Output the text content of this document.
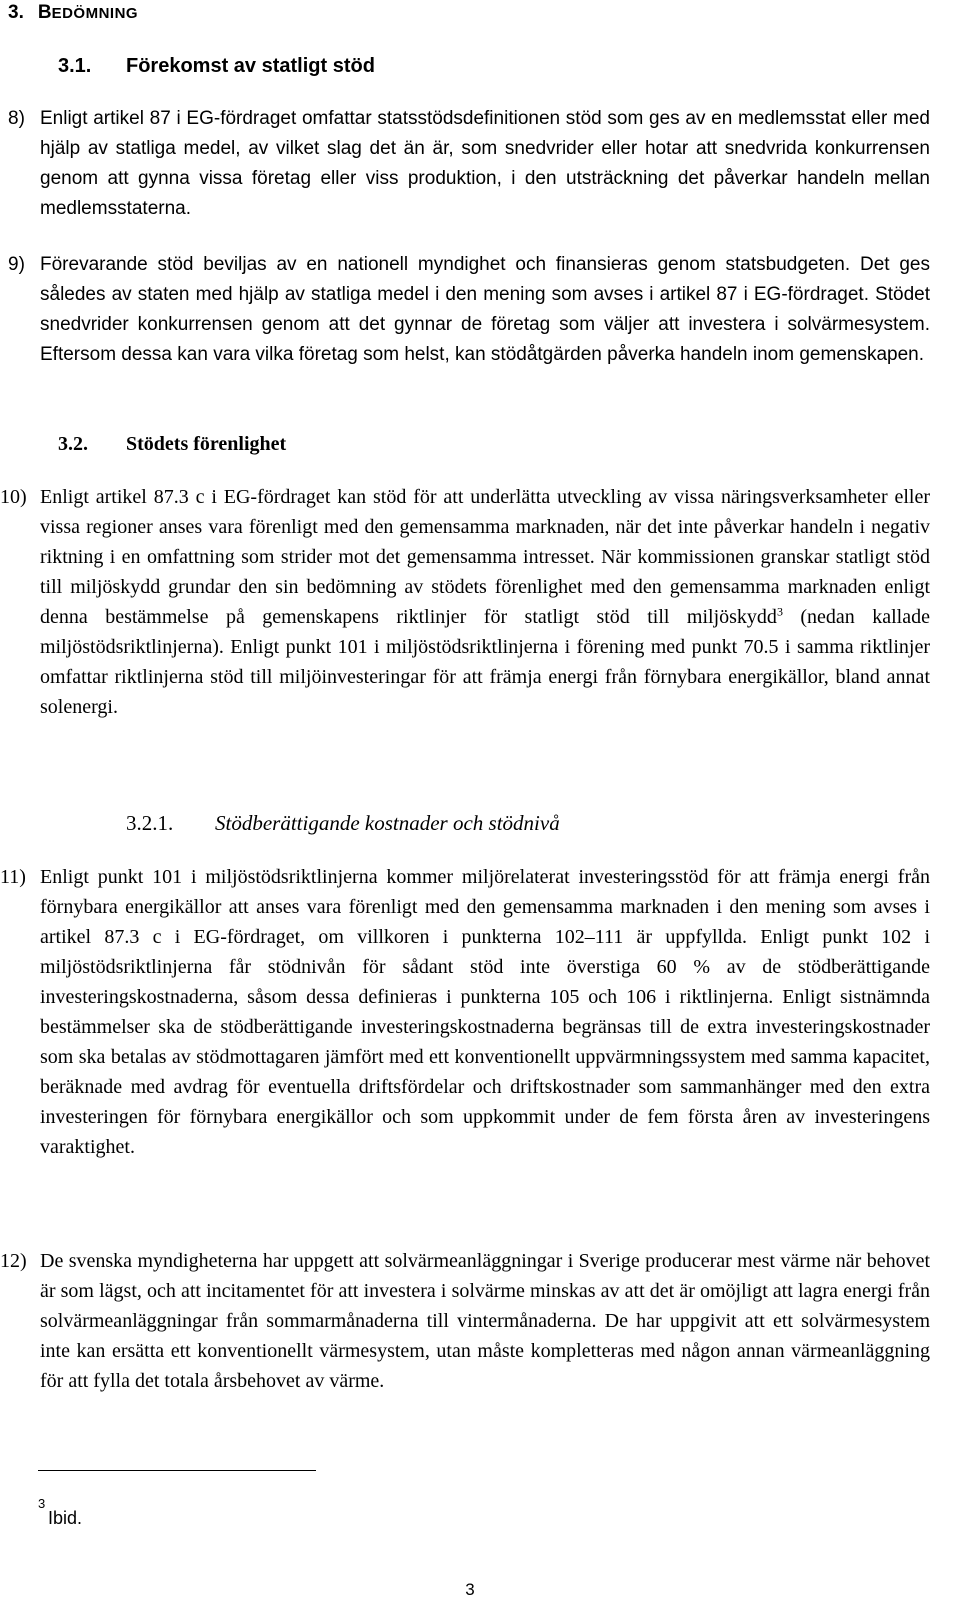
3. BEDÖMNING
3.1. Förekomst av statligt stöd
8) Enligt artikel 87 i EG-fördraget omfattar statsstödsdefinitionen stöd som ges av en medlemsstat eller med hjälp av statliga medel, av vilket slag det än är, som snedvrider eller hotar att snedvrida konkurrensen genom att gynna vissa företag eller viss produktion, i den utsträckning det påverkar handeln mellan medlemsstaterna.
9) Förevarande stöd beviljas av en nationell myndighet och finansieras genom statsbudgeten. Det ges således av staten med hjälp av statliga medel i den mening som avses i artikel 87 i EG-fördraget. Stödet snedvrider konkurrensen genom att det gynnar de företag som väljer att investera i solvärmesystem. Eftersom dessa kan vara vilka företag som helst, kan stödåtgärden påverka handeln inom gemenskapen.
3.2. Stödets förenlighet
10) Enligt artikel 87.3 c i EG-fördraget kan stöd för att underlätta utveckling av vissa näringsverksamheter eller vissa regioner anses vara förenligt med den gemensamma marknaden, när det inte påverkar handeln i negativ riktning i en omfattning som strider mot det gemensamma intresset. När kommissionen granskar statligt stöd till miljöskydd grundar den sin bedömning av stödets förenlighet med den gemensamma marknaden enligt denna bestämmelse på gemenskapens riktlinjer för statligt stöd till miljöskydd$^3$ (nedan kallade miljöstödsriktlinjerna). Enligt punkt 101 i miljöstödsriktlinjerna i förening med punkt 70.5 i samma riktlinjer omfattar riktlinjerna stöd till miljöinvesteringar för att främja energi från förnybara energikällor, bland annat solenergi.
3.2.1. Stödberättigande kostnader och stödnivå
11) Enligt punkt 101 i miljöstödsriktlinjerna kommer miljörelaterat investeringsstöd för att främja energi från förnybara energikällor att anses vara förenligt med den gemensamma marknaden i den mening som avses i artikel 87.3 c i EG-fördraget, om villkoren i punkterna 102–111 är uppfyllda. Enligt punkt 102 i miljöstödsriktlinjerna får stödnivån för sådant stöd inte överstiga 60 % av de stödberättigande investeringskostnaderna, såsom dessa definieras i punkterna 105 och 106 i riktlinjerna. Enligt sistnämnda bestämmelser ska de stödberättigande investeringskostnaderna begränsas till de extra investeringskostnader som ska betalas av stödmottagaren jämfört med ett konventionellt uppvärmningssystem med samma kapacitet, beräknade med avdrag för eventuella driftsfördelar och driftskostnader som sammanhänger med den extra investeringen för förnybara energikällor och som uppkommit under de fem första åren av investeringens varaktighet.
12) De svenska myndigheterna har uppgett att solvärmeanläggningar i Sverige producerar mest värme när behovet är som lägst, och att incitamentet för att investera i solvärme minskas av att det är omöjligt att lagra energi från solvärmeanläggningar från sommarmånaderna till vintermånaderna. De har uppgivit att ett solvärmesystem inte kan ersätta ett konventionellt värmesystem, utan måste kompletteras med någon annan värmeanläggning för att fylla det totala årsbehovet av värme.
3
Ibid.
3
